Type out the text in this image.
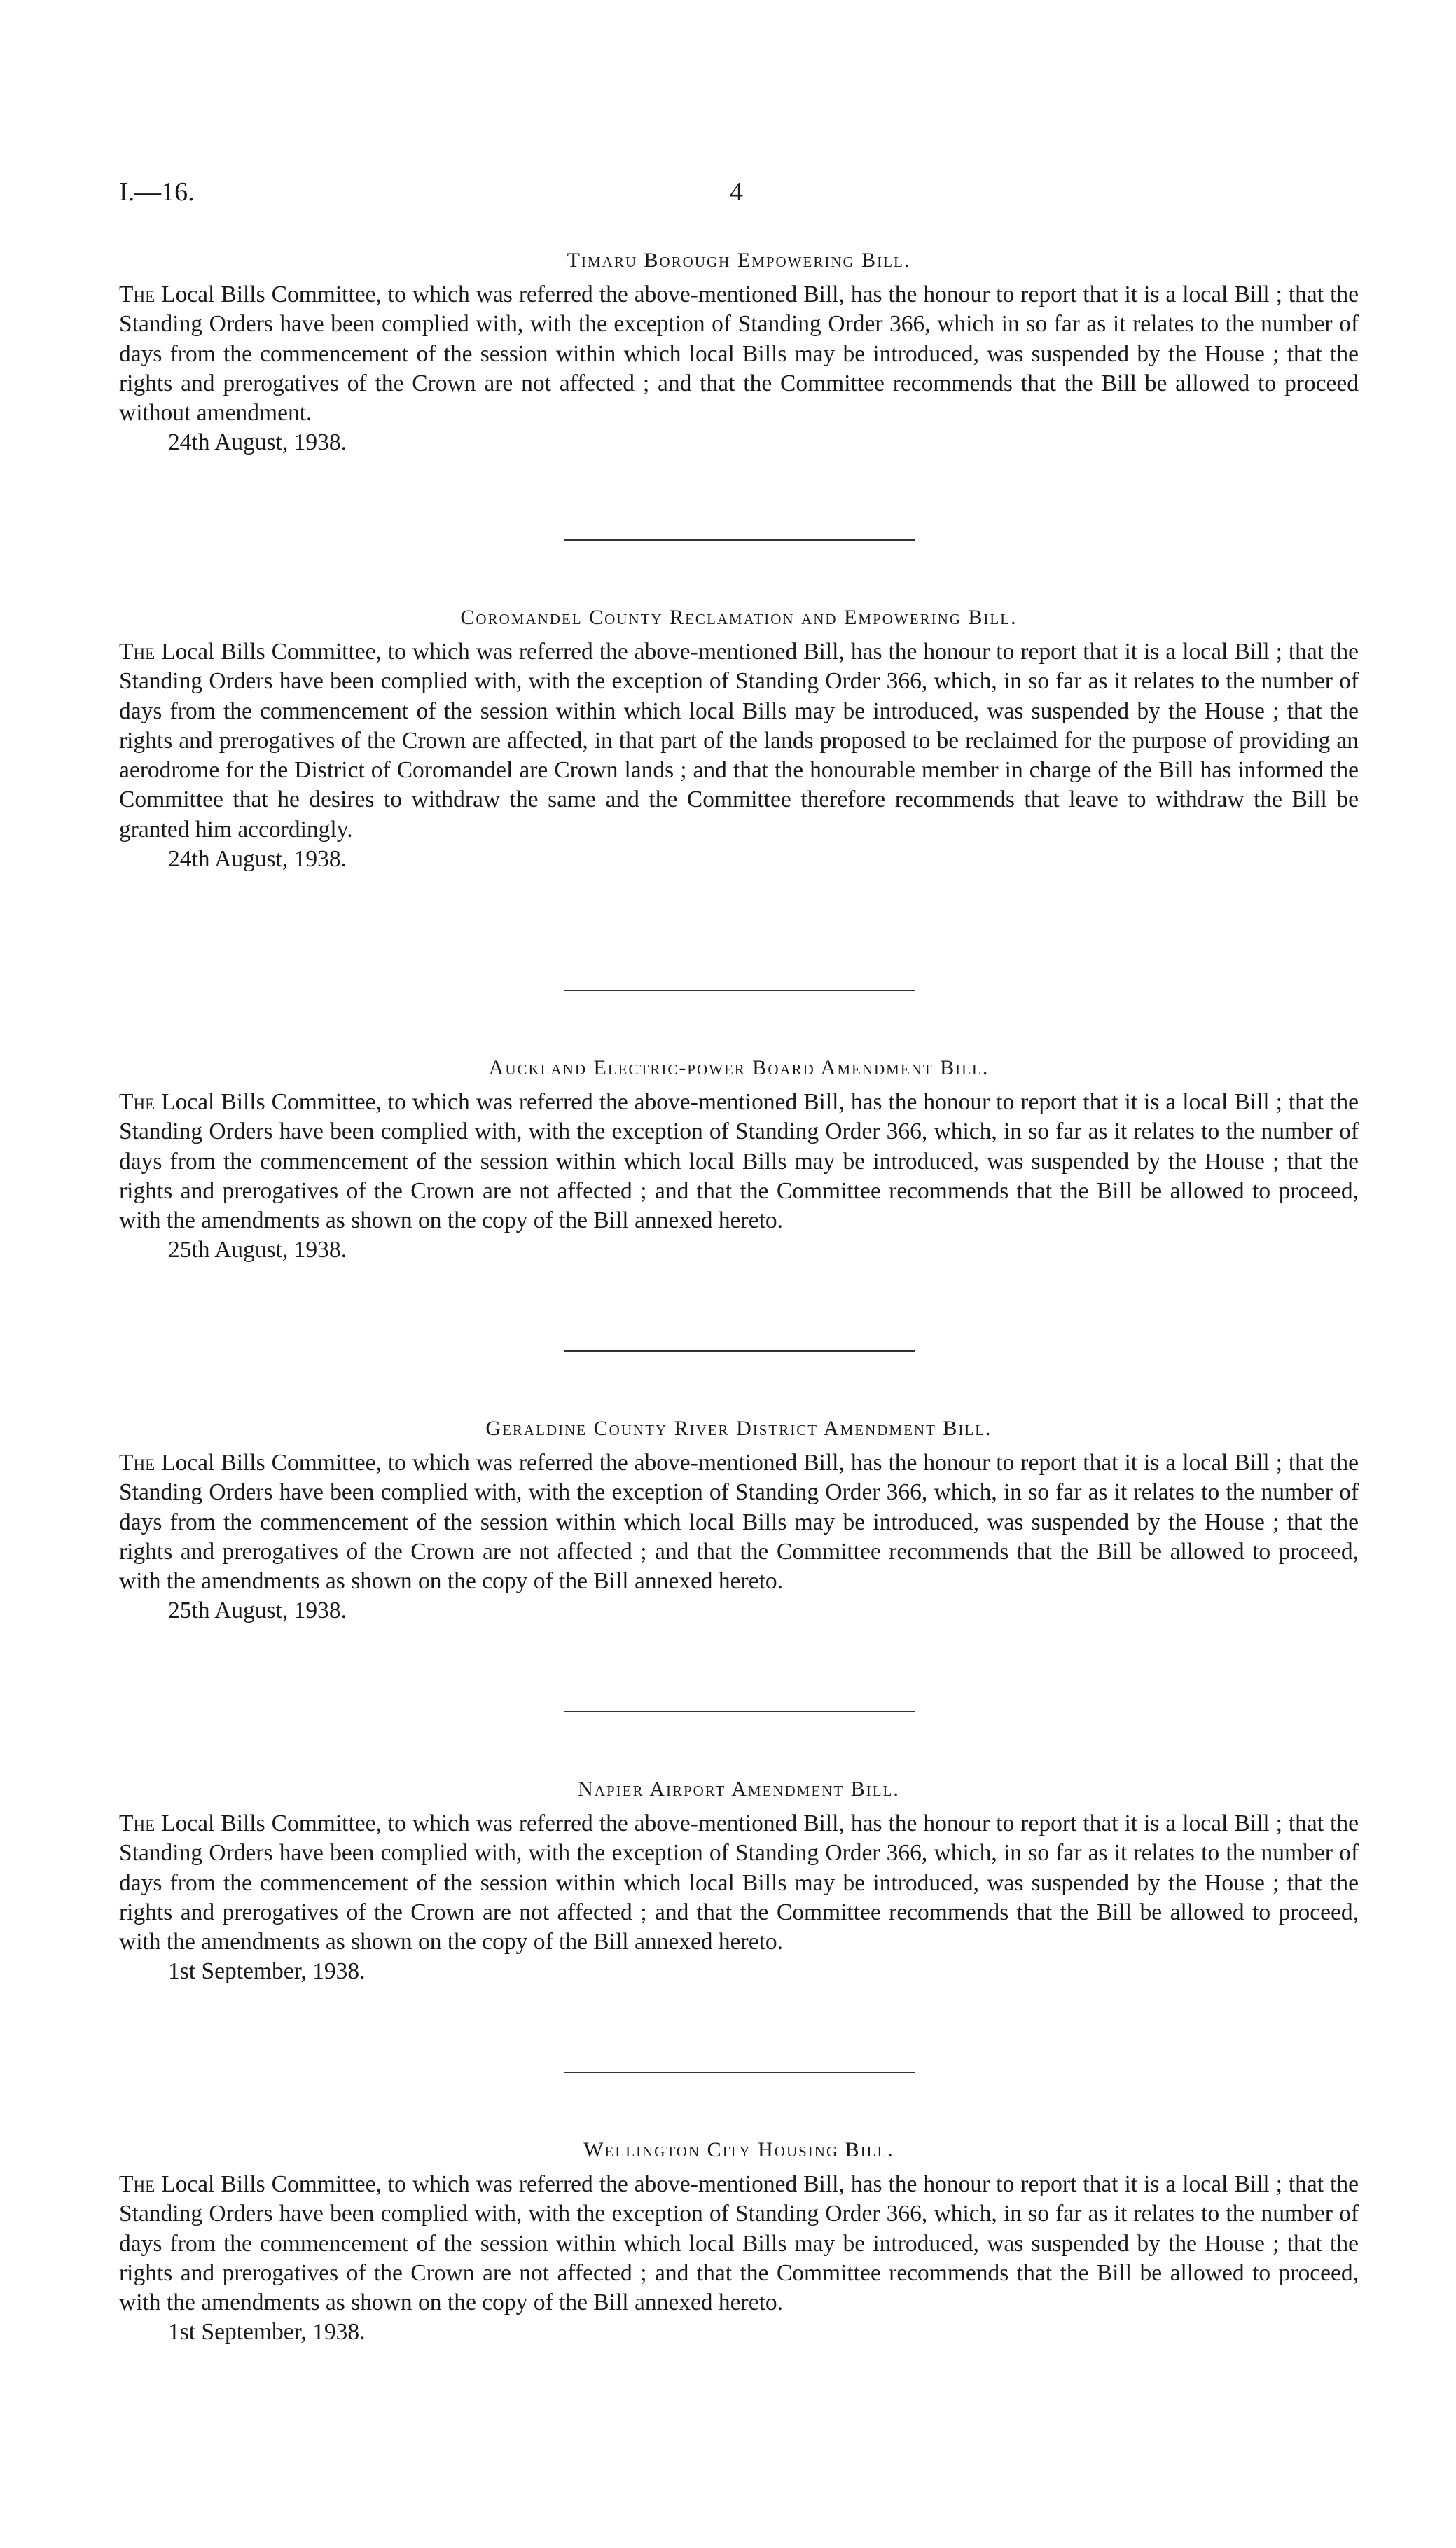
I.—16.	4
Timaru Borough Empowering Bill.
The Local Bills Committee, to which was referred the above-mentioned Bill, has the honour to report that it is a local Bill ; that the Standing Orders have been complied with, with the exception of Standing Order 366, which in so far as it relates to the number of days from the commencement of the session within which local Bills may be introduced, was suspended by the House ; that the rights and prerogatives of the Crown are not affected ; and that the Committee recommends that the Bill be allowed to proceed without amendment.
24th August, 1938.
Coromandel County Reclamation and Empowering Bill.
The Local Bills Committee, to which was referred the above-mentioned Bill, has the honour to report that it is a local Bill ; that the Standing Orders have been complied with, with the exception of Standing Order 366, which, in so far as it relates to the number of days from the commencement of the session within which local Bills may be introduced, was suspended by the House ; that the rights and prerogatives of the Crown are affected, in that part of the lands proposed to be reclaimed for the purpose of providing an aerodrome for the District of Coromandel are Crown lands ; and that the honourable member in charge of the Bill has informed the Committee that he desires to withdraw the same and the Committee therefore recommends that leave to withdraw the Bill be granted him accordingly.
24th August, 1938.
Auckland Electric-power Board Amendment Bill.
The Local Bills Committee, to which was referred the above-mentioned Bill, has the honour to report that it is a local Bill ; that the Standing Orders have been complied with, with the exception of Standing Order 366, which, in so far as it relates to the number of days from the commencement of the session within which local Bills may be introduced, was suspended by the House ; that the rights and prerogatives of the Crown are not affected ; and that the Committee recommends that the Bill be allowed to proceed, with the amendments as shown on the copy of the Bill annexed hereto.
25th August, 1938.
Geraldine County River District Amendment Bill.
The Local Bills Committee, to which was referred the above-mentioned Bill, has the honour to report that it is a local Bill ; that the Standing Orders have been complied with, with the exception of Standing Order 366, which, in so far as it relates to the number of days from the commencement of the session within which local Bills may be introduced, was suspended by the House ; that the rights and prerogatives of the Crown are not affected ; and that the Committee recommends that the Bill be allowed to proceed, with the amendments as shown on the copy of the Bill annexed hereto.
25th August, 1938.
Napier Airport Amendment Bill.
The Local Bills Committee, to which was referred the above-mentioned Bill, has the honour to report that it is a local Bill ; that the Standing Orders have been complied with, with the exception of Standing Order 366, which, in so far as it relates to the number of days from the commencement of the session within which local Bills may be introduced, was suspended by the House ; that the rights and prerogatives of the Crown are not affected ; and that the Committee recommends that the Bill be allowed to proceed, with the amendments as shown on the copy of the Bill annexed hereto.
1st September, 1938.
Wellington City Housing Bill.
The Local Bills Committee, to which was referred the above-mentioned Bill, has the honour to report that it is a local Bill ; that the Standing Orders have been complied with, with the exception of Standing Order 366, which, in so far as it relates to the number of days from the commencement of the session within which local Bills may be introduced, was suspended by the House ; that the rights and prerogatives of the Crown are not affected ; and that the Committee recommends that the Bill be allowed to proceed, with the amendments as shown on the copy of the Bill annexed hereto.
1st September, 1938.
